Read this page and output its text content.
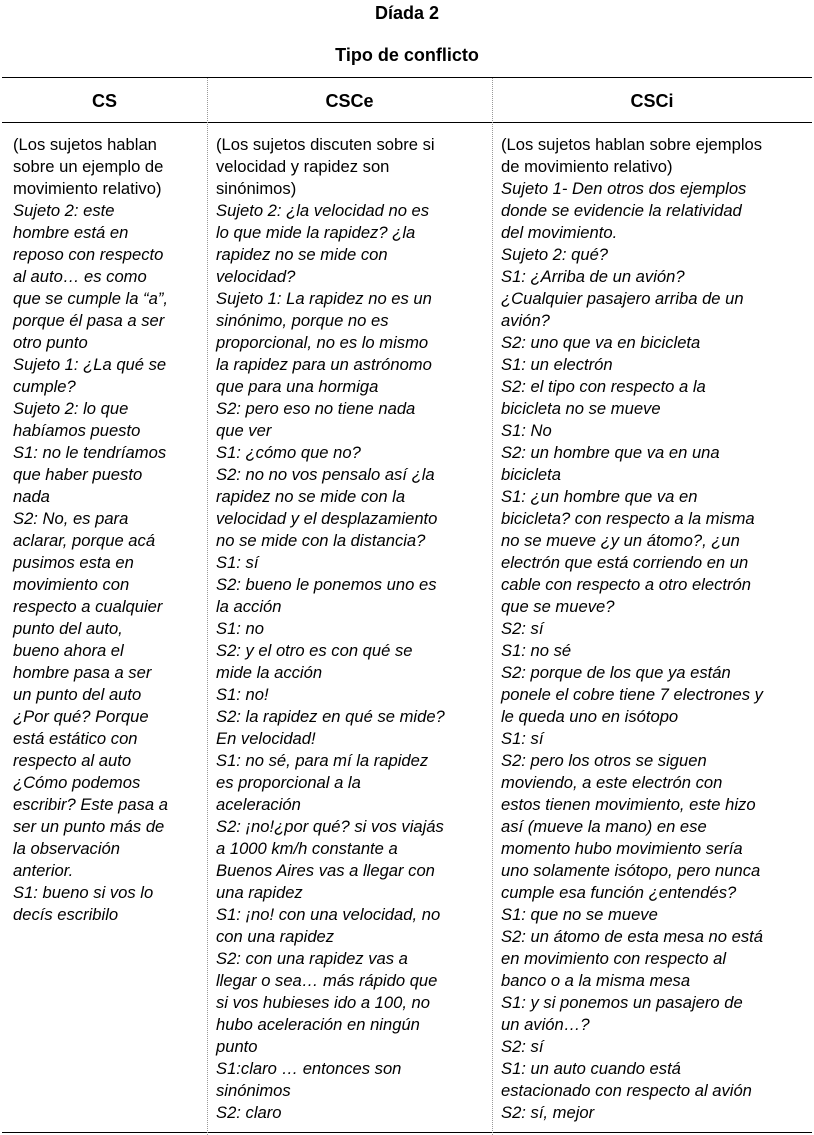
Díada 2
Tipo de conflicto
CS	CSCe	CSCi
(Los sujetos hablan
sobre un ejemplo de
movimiento relativo)
Sujeto 2: este
hombre está en
reposo con respecto
al auto… es como
que se cumple la “a”,
porque él pasa a ser
otro punto
Sujeto 1: ¿La qué se
cumple?
Sujeto 2: lo que
habíamos puesto
S1: no le tendríamos
que haber puesto
nada
S2: No, es para
aclarar, porque acá
pusimos esta en
movimiento con
respecto a cualquier
punto del auto,
bueno ahora el
hombre pasa a ser
un punto del auto
¿Por qué? Porque
está estático con
respecto al auto
¿Cómo podemos
escribir? Este pasa a
ser un punto más de
la observación
anterior.
S1: bueno si vos lo
decís escribilo
(Los sujetos discuten sobre si
velocidad y rapidez son
sinónimos)
Sujeto 2: ¿la velocidad no es
lo que mide la rapidez? ¿la
rapidez no se mide con
velocidad?
Sujeto 1: La rapidez no es un
sinónimo, porque no es
proporcional, no es lo mismo
la rapidez para un astrónomo
que para una hormiga
S2: pero eso no tiene nada
que ver
S1: ¿cómo que no?
S2: no no vos pensalo así ¿la
rapidez no se mide con la
velocidad y el desplazamiento
no se mide con la distancia?
S1: sí
S2: bueno le ponemos uno es
la acción
S1: no
S2: y el otro es con qué se
mide la acción
S1: no!
S2: la rapidez en qué se mide?
En velocidad!
S1: no sé, para mí la rapidez
es proporcional a la
aceleración
S2: ¡no!¿por qué? si vos viajás
a 1000 km/h constante a
Buenos Aires vas a llegar con
una rapidez
S1: ¡no! con una velocidad, no
con una rapidez
S2: con una rapidez vas a
llegar o sea… más rápido que
si vos hubieses ido a 100, no
hubo aceleración en ningún
punto
S1:claro … entonces son
sinónimos
S2: claro
(Los sujetos hablan sobre ejemplos
de movimiento relativo)
Sujeto 1- Den otros dos ejemplos
donde se evidencie la relatividad
del movimiento.
Sujeto 2: qué?
S1: ¿Arriba de un avión?
¿Cualquier pasajero arriba de un
avión?
S2: uno que va en bicicleta
S1: un electrón
S2: el tipo con respecto a la
bicicleta no se mueve
S1: No
S2: un hombre que va en una
bicicleta
S1: ¿un hombre que va en
bicicleta? con respecto a la misma
no se mueve ¿y un átomo?, ¿un
electrón que está corriendo en un
cable con respecto a otro electrón
que se mueve?
S2: sí
S1: no sé
S2: porque de los que ya están
ponele el cobre tiene 7 electrones y
le queda uno en isótopo
S1: sí
S2: pero los otros se siguen
moviendo, a este electrón con
estos tienen movimiento, este hizo
así (mueve la mano) en ese
momento hubo movimiento sería
uno solamente isótopo, pero nunca
cumple esa función ¿entendés?
S1: que no se mueve
S2: un átomo de esta mesa no está
en movimiento con respecto al
banco o a la misma mesa
S1: y si ponemos un pasajero de
un avión…?
S2: sí
S1: un auto cuando está
estacionado con respecto al avión
S2: sí, mejor
